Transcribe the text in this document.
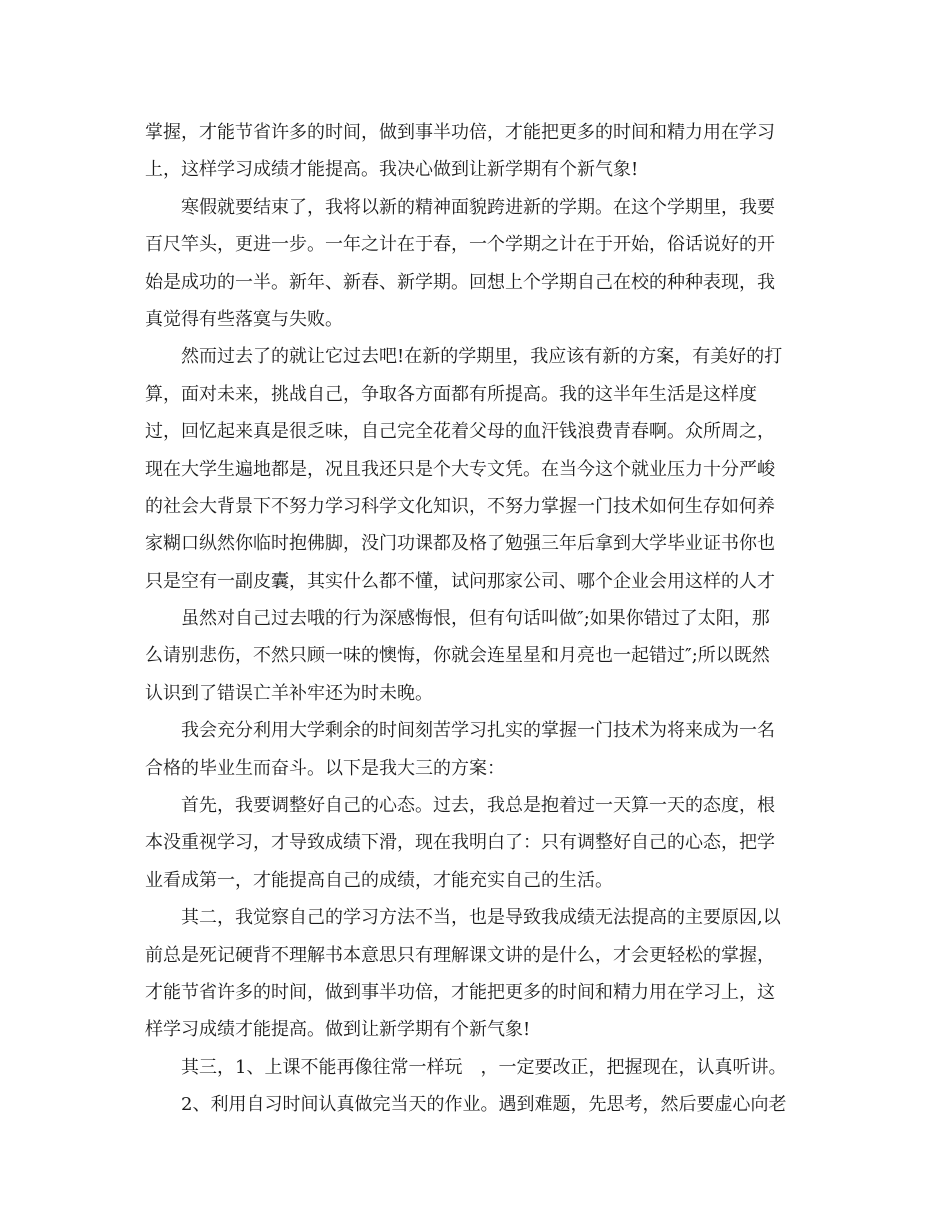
掌握，才能节省许多的时间，做到事半功倍，才能把更多的时间和精力用在学习
上，这样学习成绩才能提高。我决心做到让新学期有个新气象!
寒假就要结束了，我将以新的精神面貌跨进新的学期。在这个学期里，我要
百尺竿头，更进一步。一年之计在于春，一个学期之计在于开始，俗话说好的开
始是成功的一半。新年、新春、新学期。回想上个学期自己在校的种种表现，我
真觉得有些落寞与失败。
然而过去了的就让它过去吧!在新的学期里，我应该有新的方案，有美好的打
算，面对未来，挑战自己，争取各方面都有所提高。我的这半年生活是这样度
过，回忆起来真是很乏味，自己完全花着父母的血汗钱浪费青春啊。众所周之，
现在大学生遍地都是，况且我还只是个大专文凭。在当今这个就业压力十分严峻
的社会大背景下不努力学习科学文化知识，不努力掌握一门技术如何生存如何养
家糊口纵然你临时抱佛脚，没门功课都及格了勉强三年后拿到大学毕业证书你也
只是空有一副皮囊，其实什么都不懂，试问那家公司、哪个企业会用这样的人才
虽然对自己过去哦的行为深感悔恨，但有句话叫做″;如果你错过了太阳，那
么请别悲伤，不然只顾一味的懊悔，你就会连星星和月亮也一起错过″;所以既然
认识到了错误亡羊补牢还为时未晚。
我会充分利用大学剩余的时间刻苦学习扎实的掌握一门技术为将来成为一名
合格的毕业生而奋斗。以下是我大三的方案：
首先，我要调整好自己的心态。过去，我总是抱着过一天算一天的态度，根
本没重视学习，才导致成绩下滑，现在我明白了：只有调整好自己的心态，把学
业看成第一，才能提高自己的成绩，才能充实自己的生活。
其二，我觉察自己的学习方法不当，也是导致我成绩无法提高的主要原因,以
前总是死记硬背不理解书本意思只有理解课文讲的是什么，才会更轻松的掌握，
才能节省许多的时间，做到事半功倍，才能把更多的时间和精力用在学习上，这
样学习成绩才能提高。做到让新学期有个新气象!
其三，1、上课不能再像往常一样玩　，一定要改正，把握现在，认真听讲。
2、利用自习时间认真做完当天的作业。遇到难题，先思考，然后要虚心向老
